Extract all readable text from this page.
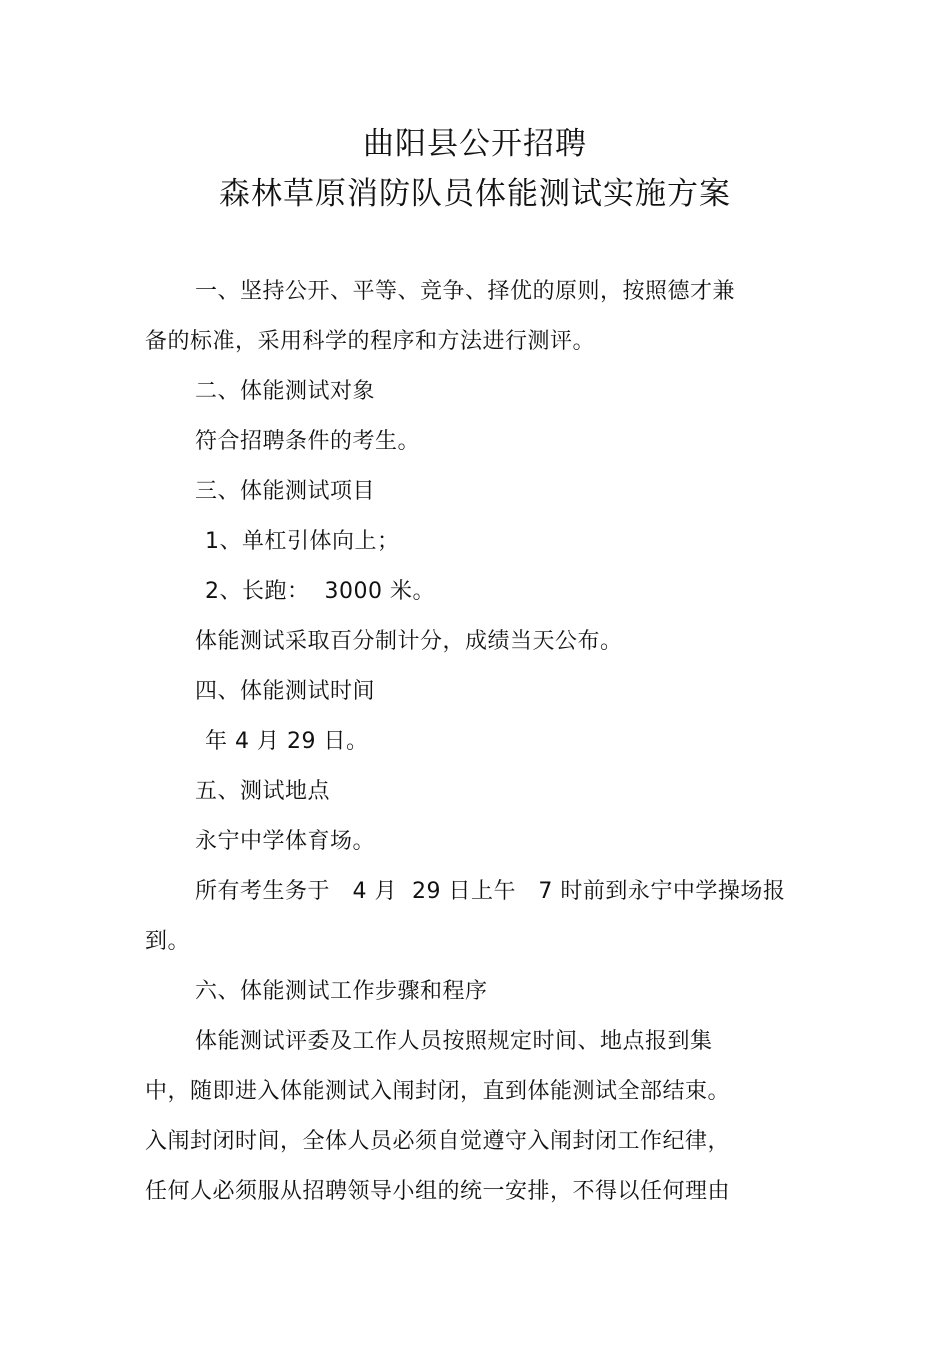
曲阳县公开招聘
森林草原消防队员体能测试实施方案
一、坚持公开、平等、竞争、择优的原则，按照德才兼
备的标准，采用科学的程序和方法进行测评。
二、体能测试对象
符合招聘条件的考生。
三、体能测试项目
1、单杠引体向上；
2、长跑：  3000 米。
体能测试采取百分制计分，成绩当天公布。
四、体能测试时间
年 4 月 29 日。
五、测试地点
永宁中学体育场。
所有考生务于   4 月  29 日上午   7 时前到永宁中学操场报
到。
六、体能测试工作步骤和程序
体能测试评委及工作人员按照规定时间、地点报到集
中，随即进入体能测试入闱封闭，直到体能测试全部结束。
入闱封闭时间，全体人员必须自觉遵守入闱封闭工作纪律，
任何人必须服从招聘领导小组的统一安排，不得以任何理由
